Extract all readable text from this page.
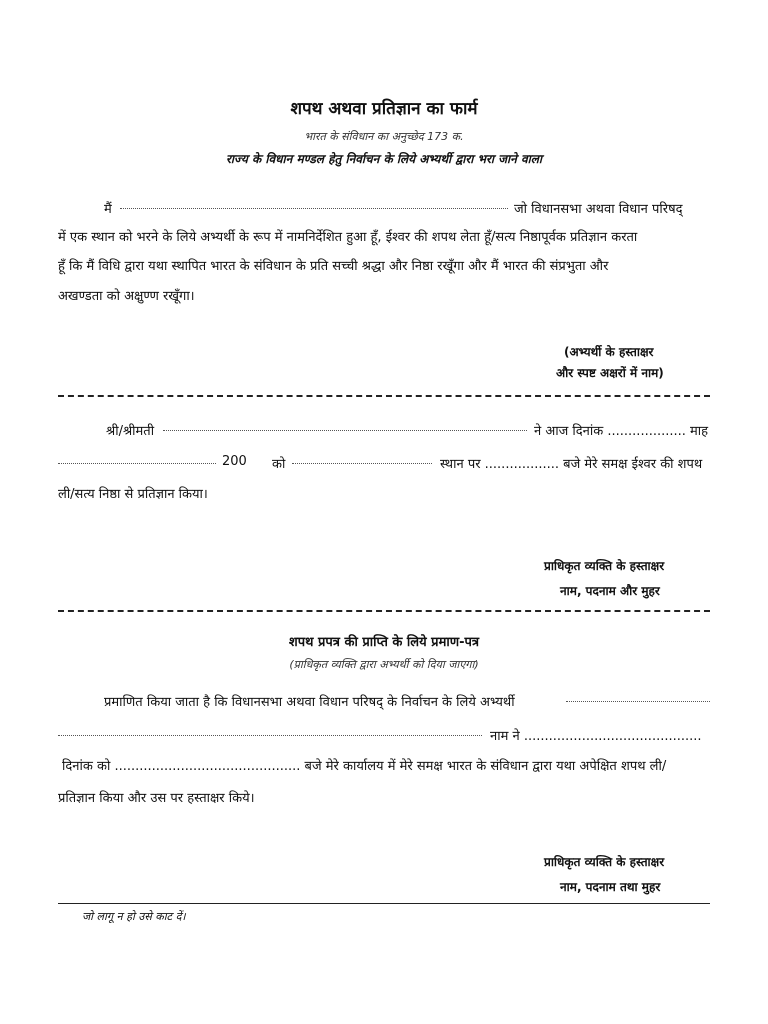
शपथ अथवा प्रतिज्ञान का फार्म
भारत के संविधान का अनुच्छेद 173 क.
राज्य के विधान मण्डल हेतु निर्वाचन के लिये अभ्यर्थी द्वारा भरा जाने वाला
मैं	जो विधानसभा अथवा विधान परिषद्
में एक स्थान को भरने के लिये अभ्यर्थी के रूप में नामनिर्देशित हुआ हूँ, ईश्वर की शपथ लेता हूँ/सत्य निष्ठापूर्वक प्रतिज्ञान करता
हूँ कि मैं विधि द्वारा यथा स्थापित भारत के संविधान के प्रति सच्ची श्रद्धा और निष्ठा रखूँगा और मैं भारत की संप्रभुता और
अखण्डता को अक्षुण्ण रखूँगा।
(अभ्यर्थी के हस्ताक्षर
और स्पष्ट अक्षरों में नाम)
श्री/श्रीमती	ने आज दिनांक ................... माह
200 को	स्थान पर .................. बजे मेरे समक्ष ईश्वर की शपथ
ली/सत्य निष्ठा से प्रतिज्ञान किया।
प्राधिकृत व्यक्ति के हस्ताक्षर
नाम, पदनाम और मुहर
शपथ प्रपत्र की प्राप्ति के लिये प्रमाण-पत्र
(प्राधिकृत व्यक्ति द्वारा अभ्यर्थी को दिया जाएगा)
प्रमाणित किया जाता है कि विधानसभा अथवा विधान परिषद् के निर्वाचन के लिये अभ्यर्थी
नाम ने ...........................................
दिनांक को ............................................. बजे मेरे कार्यालय में मेरे समक्ष भारत के संविधान द्वारा यथा अपेक्षित शपथ ली/
प्रतिज्ञान किया और उस पर हस्ताक्षर किये।
प्राधिकृत व्यक्ति के हस्ताक्षर
नाम, पदनाम तथा मुहर
जो लागू न हो उसे काट दें।
